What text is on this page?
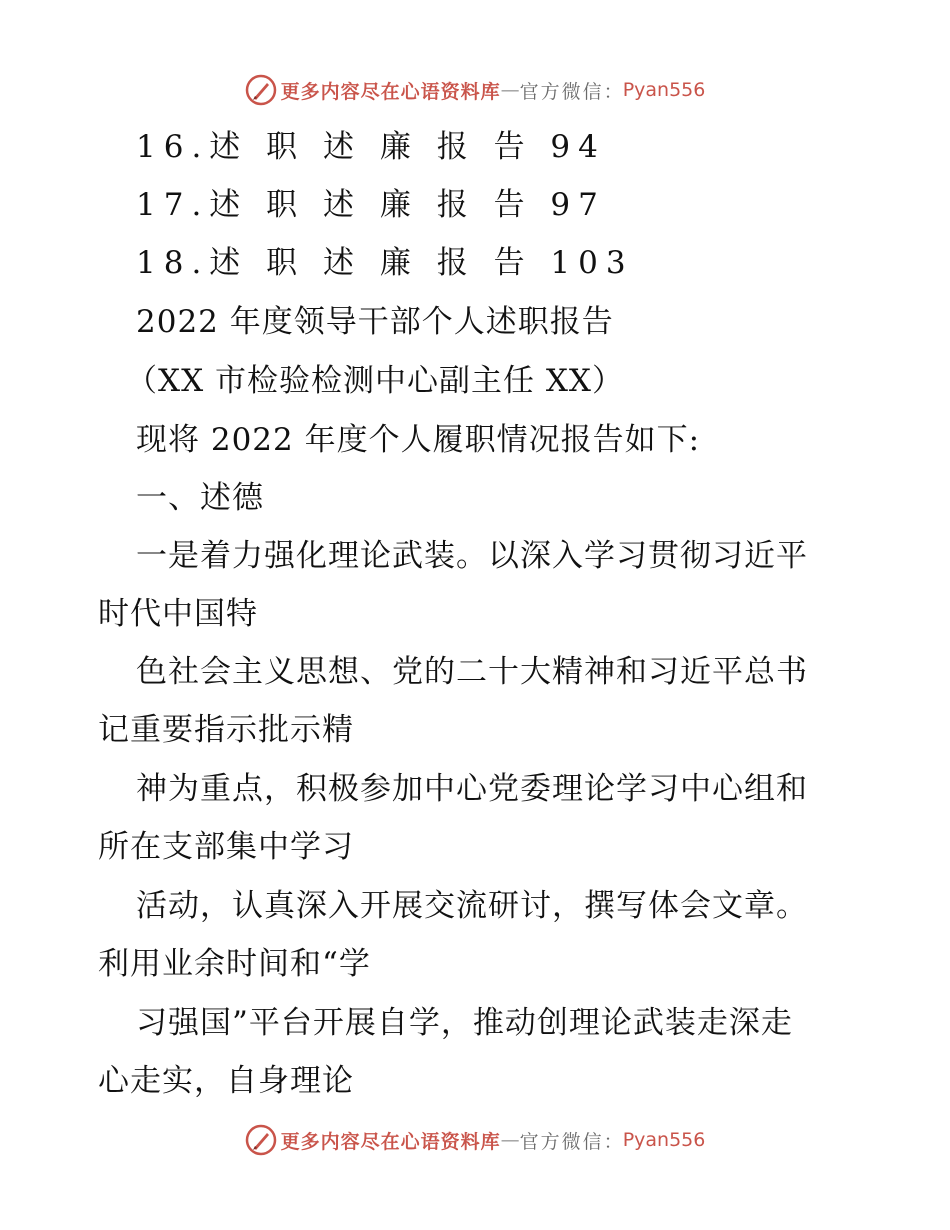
更多内容尽在心语资料库 — 官方微信 ： Pyan556
16.述 职 述 廉 报 告 94
17.述 职 述 廉 报 告 97
18.述 职 述 廉 报 告 103
2022 年度领导干部个人述职报告
（XX 市检验检测中心副主任 XX）
现将 2022 年度个人履职情况报告如下:
一、述德
一是着力强化理论武装。以深入学习贯彻习近平
时代中国特
色社会主义思想、党的二十大精神和习近平总书
记重要指示批示精
神为重点，积极参加中心党委理论学习中心组和
所在支部集中学习
活动，认真深入开展交流研讨，撰写体会文章。
利用业余时间和“学
习强国”平台开展自学，推动创理论武装走深走
心走实，自身理论
更多内容尽在心语资料库 — 官方微信 ： Pyan556
